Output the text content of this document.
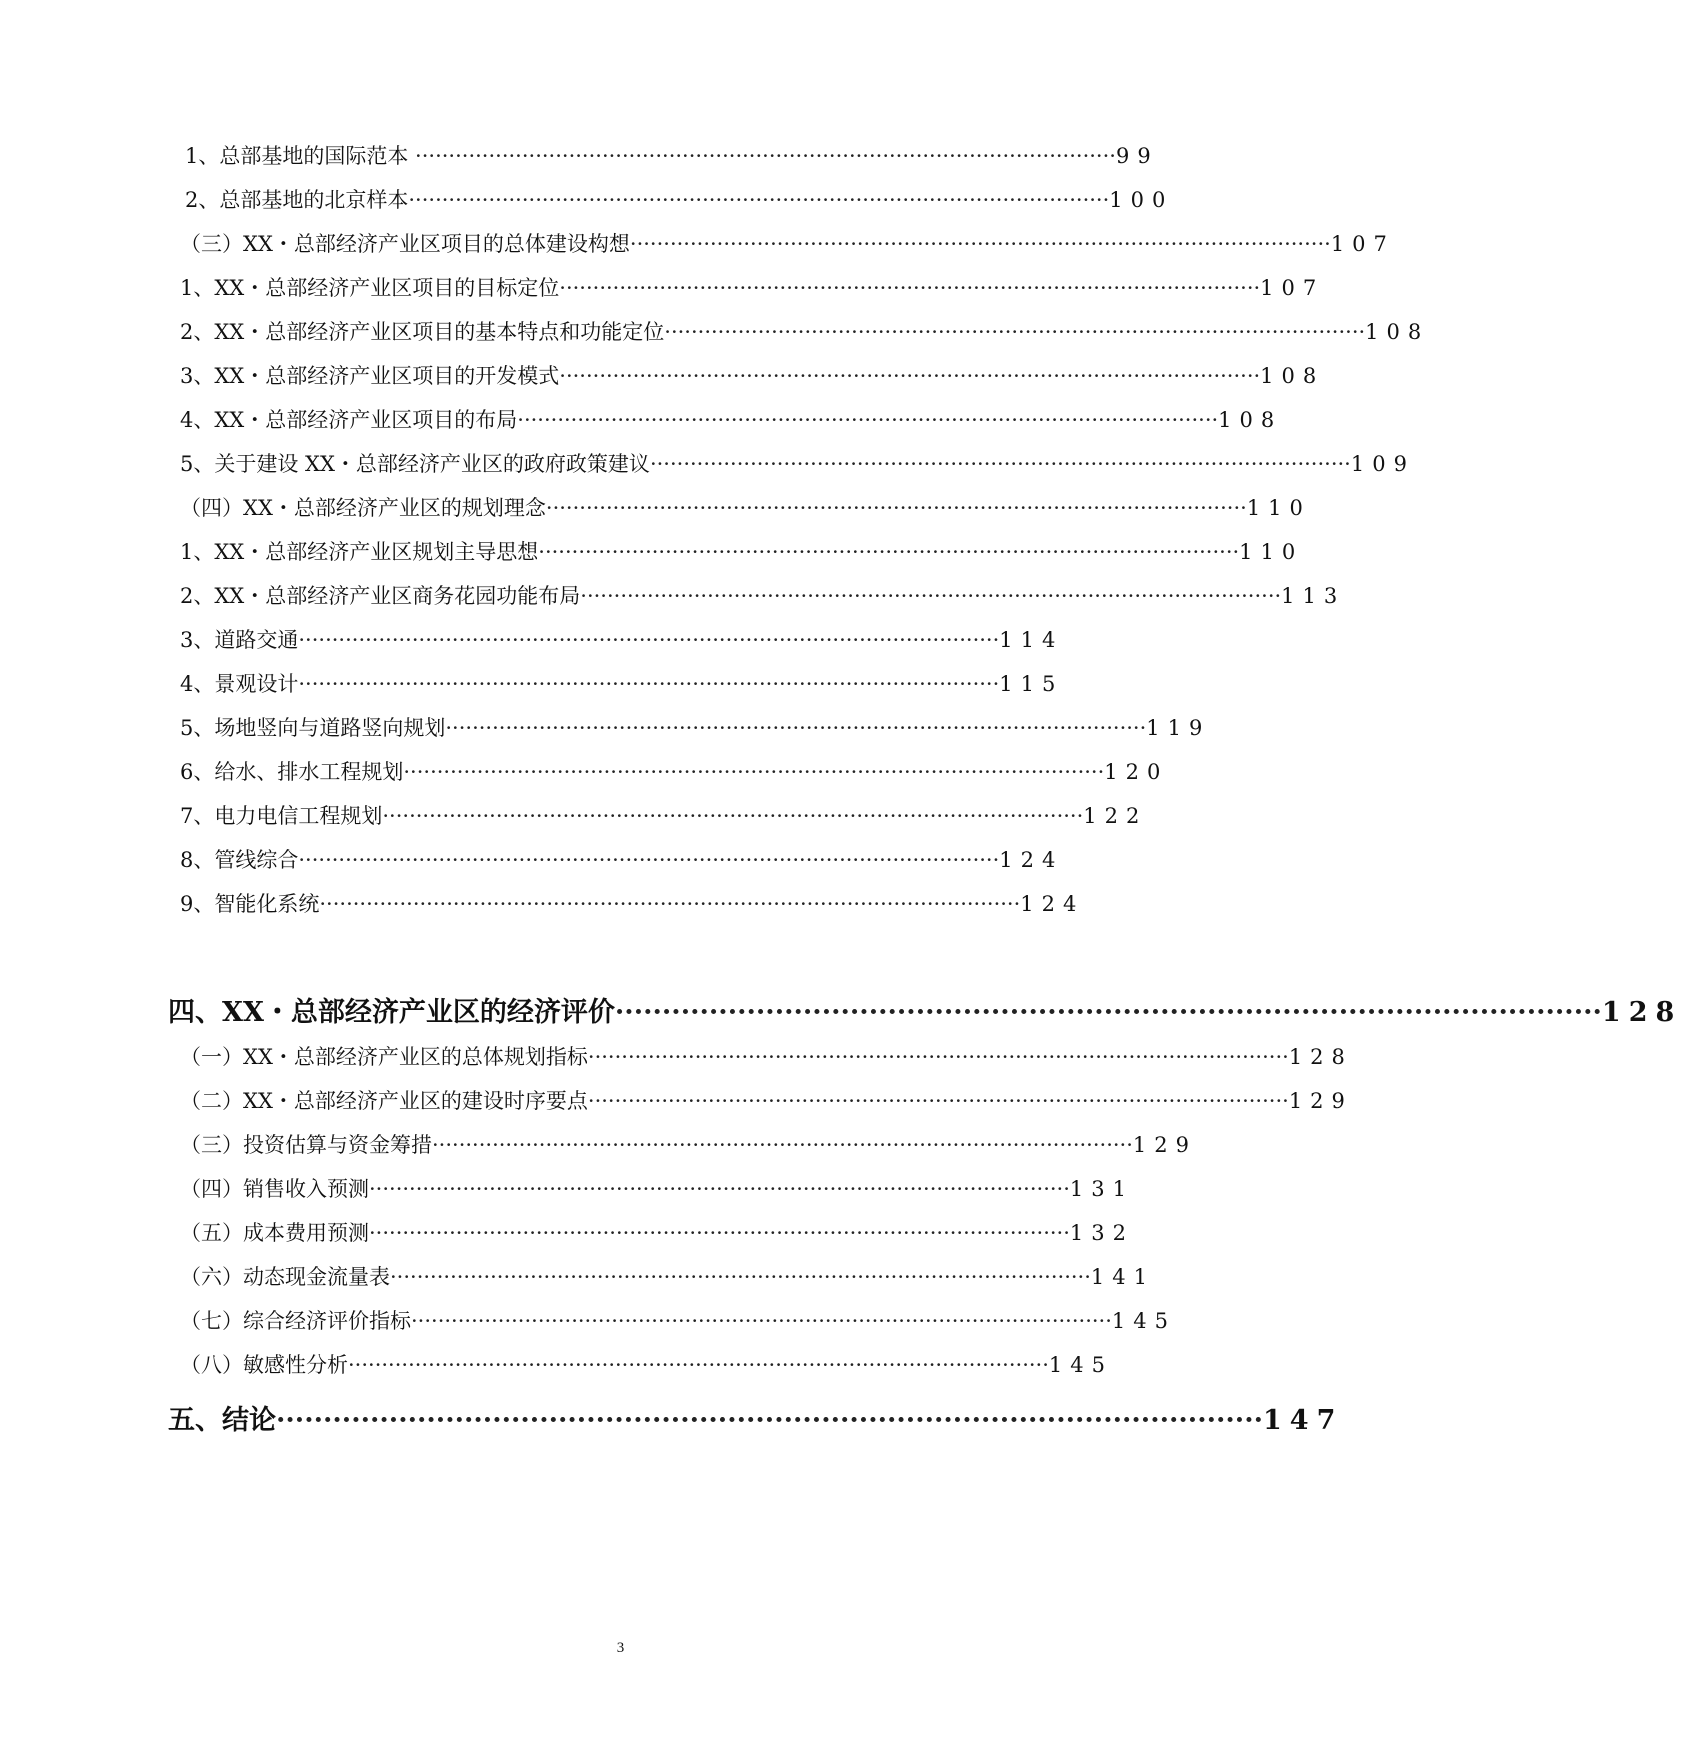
1、总部基地的国际范本 ········································································································· 99
2、总部基地的北京样本 ········································································································· 100
（三）XX・总部经济产业区项目的总体建设构想 ········································································································· 107
1、XX・总部经济产业区项目的目标定位 ········································································································· 107
2、XX・总部经济产业区项目的基本特点和功能定位 ········································································································· 108
3、XX・总部经济产业区项目的开发模式 ········································································································· 108
4、XX・总部经济产业区项目的布局 ········································································································· 108
5、关于建设 XX・总部经济产业区的政府政策建议 ········································································································· 109
（四）XX・总部经济产业区的规划理念 ········································································································· 110
1、XX・总部经济产业区规划主导思想 ········································································································· 110
2、XX・总部经济产业区商务花园功能布局 ········································································································· 113
3、道路交通 ········································································································· 114
4、景观设计 ········································································································· 115
5、场地竖向与道路竖向规划 ········································································································· 119
6、给水、排水工程规划 ········································································································· 120
7、电力电信工程规划 ········································································································· 122
8、管线综合 ········································································································· 124
9、智能化系统 ········································································································· 124
四、XX・总部经济产业区的经济评价 ········································································································· 128
（一）XX・总部经济产业区的总体规划指标 ········································································································· 128
（二）XX・总部经济产业区的建设时序要点 ········································································································· 129
（三）投资估算与资金筹措 ········································································································· 129
（四）销售收入预测 ········································································································· 131
（五）成本费用预测 ········································································································· 132
（六）动态现金流量表 ········································································································· 141
（七）综合经济评价指标 ········································································································· 145
（八）敏感性分析 ········································································································· 145
五、结论 ········································································································· 147
3
